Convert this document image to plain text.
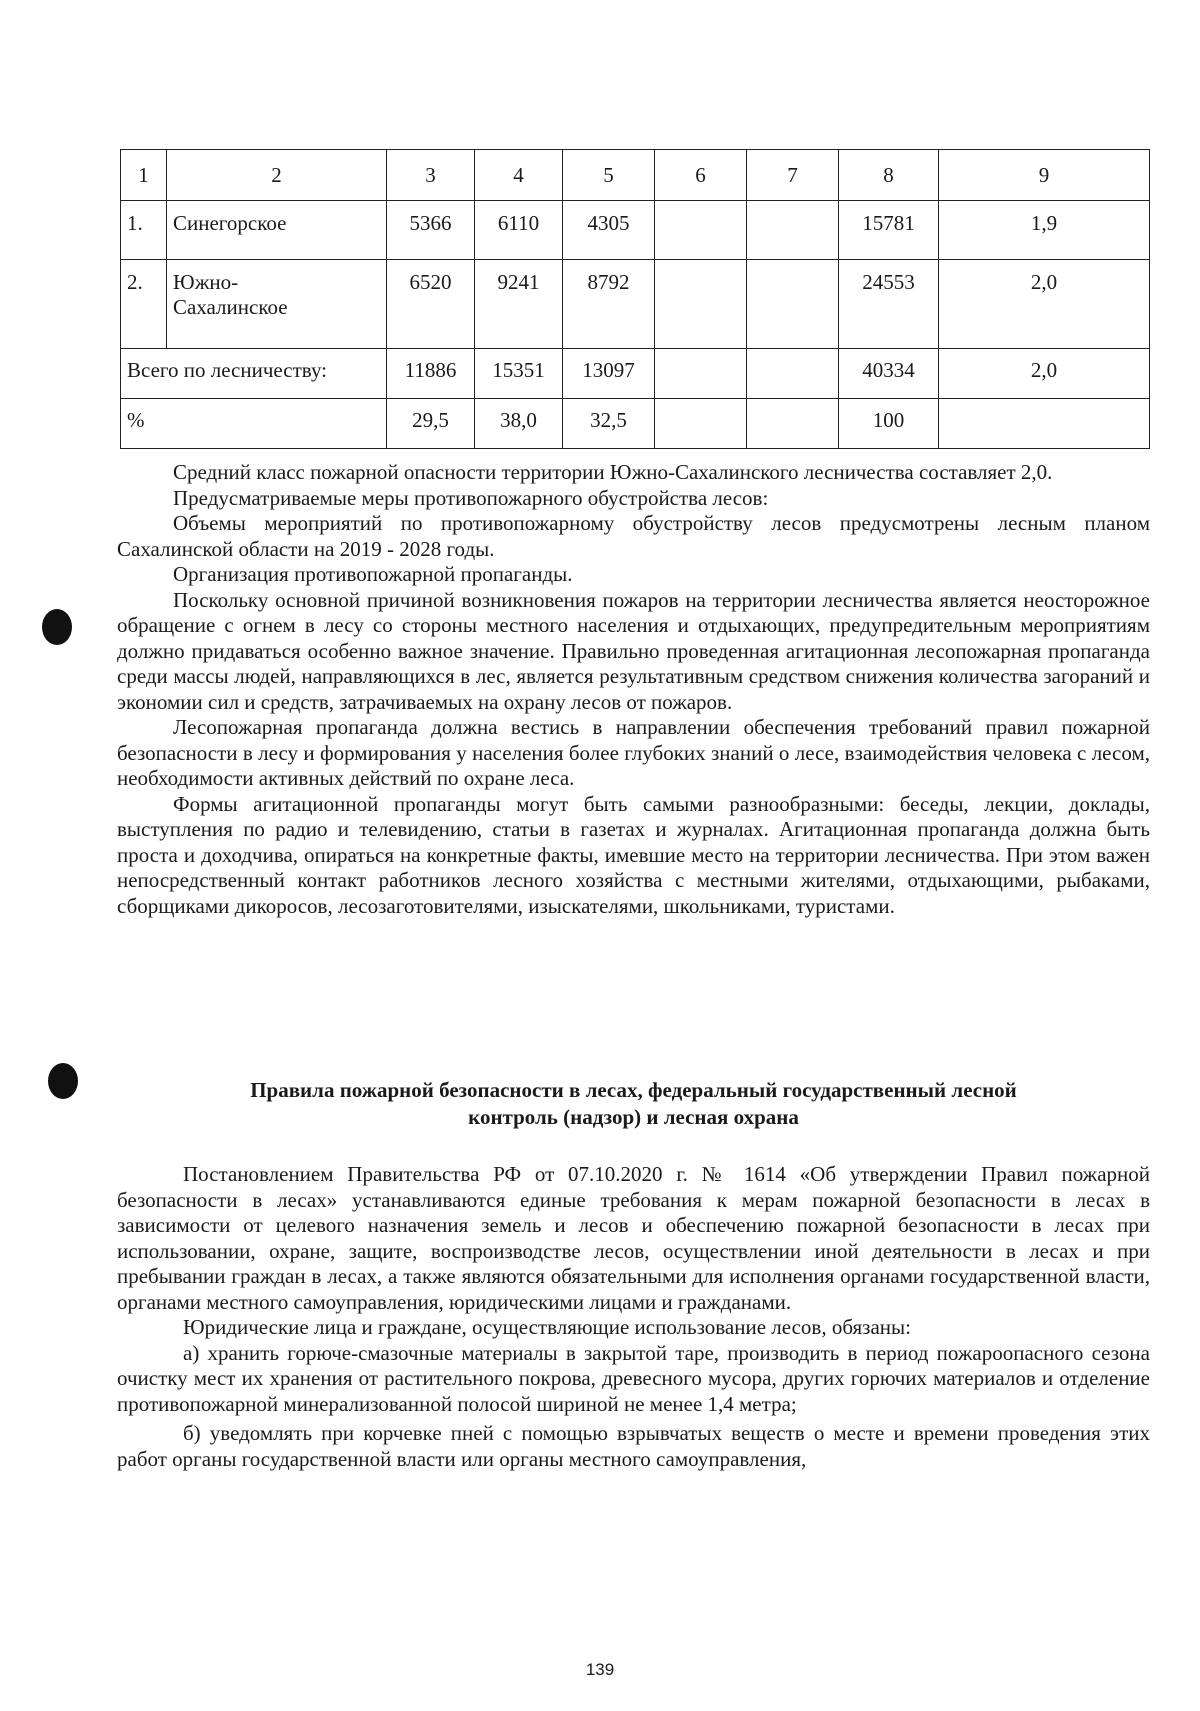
1	2	3	4	5	6	7	8	9
1.	Синегорское	5366	6110	4305			15781	1,9
2.	Южно-Сахалинское	6520	9241	8792			24553	2,0
Всего по лесничеству:		11886	15351	13097			40334	2,0
%		29,5	38,0	32,5			100	

Средний класс пожарной опасности территории Южно-Сахалинского лесничества составляет 2,0.

Предусматриваемые меры противопожарного обустройства лесов:

Объемы мероприятий по противопожарному обустройству лесов предусмотрены лесным планом Сахалинской области на 2019 - 2028 годы.

Организация противопожарной пропаганды.

Поскольку основной причиной возникновения пожаров на территории лесничества является неосторожное обращение с огнем в лесу со стороны местного населения и отдыхающих, предупредительным мероприятиям должно придаваться особенно важное значение. Правильно проведенная агитационная лесопожарная пропаганда среди массы людей, направляющихся в лес, является результативным средством снижения количества загораний и экономии сил и средств, затрачиваемых на охрану лесов от пожаров.

Лесопожарная пропаганда должна вестись в направлении обеспечения требований правил пожарной безопасности в лесу и формирования у населения более глубоких знаний о лесе, взаимодействия человека с лесом, необходимости активных действий по охране леса.

Формы агитационной пропаганды могут быть самыми разнообразными: беседы, лекции, доклады, выступления по радио и телевидению, статьи в газетах и журналах. Агитационная пропаганда должна быть проста и доходчива, опираться на конкретные факты, имевшие место на территории лесничества. При этом важен непосредственный контакт работников лесного хозяйства с местными жителями, отдыхающими, рыбаками, сборщиками дикоросов, лесозаготовителями, изыскателями, школьниками, туристами.

Правила пожарной безопасности в лесах, федеральный государственный лесной
контроль (надзор) и лесная охрана

Постановлением Правительства РФ от 07.10.2020 г. № 1614 «Об утверждении Правил пожарной безопасности в лесах» устанавливаются единые требования к мерам пожарной безопасности в лесах в зависимости от целевого назначения земель и лесов и обеспечению пожарной безопасности в лесах при использовании, охране, защите, воспроизводстве лесов, осуществлении иной деятельности в лесах и при пребывании граждан в лесах, а также являются обязательными для исполнения органами государственной власти, органами местного самоуправления, юридическими лицами и гражданами.

Юридические лица и граждане, осуществляющие использование лесов, обязаны:

а) хранить горюче-смазочные материалы в закрытой таре, производить в период пожароопасного сезона очистку мест их хранения от растительного покрова, древесного мусора, других горючих материалов и отделение противопожарной минерализованной полосой шириной не менее 1,4 метра;

б) уведомлять при корчевке пней с помощью взрывчатых веществ о месте и времени проведения этих работ органы государственной власти или органы местного самоуправления,

139
